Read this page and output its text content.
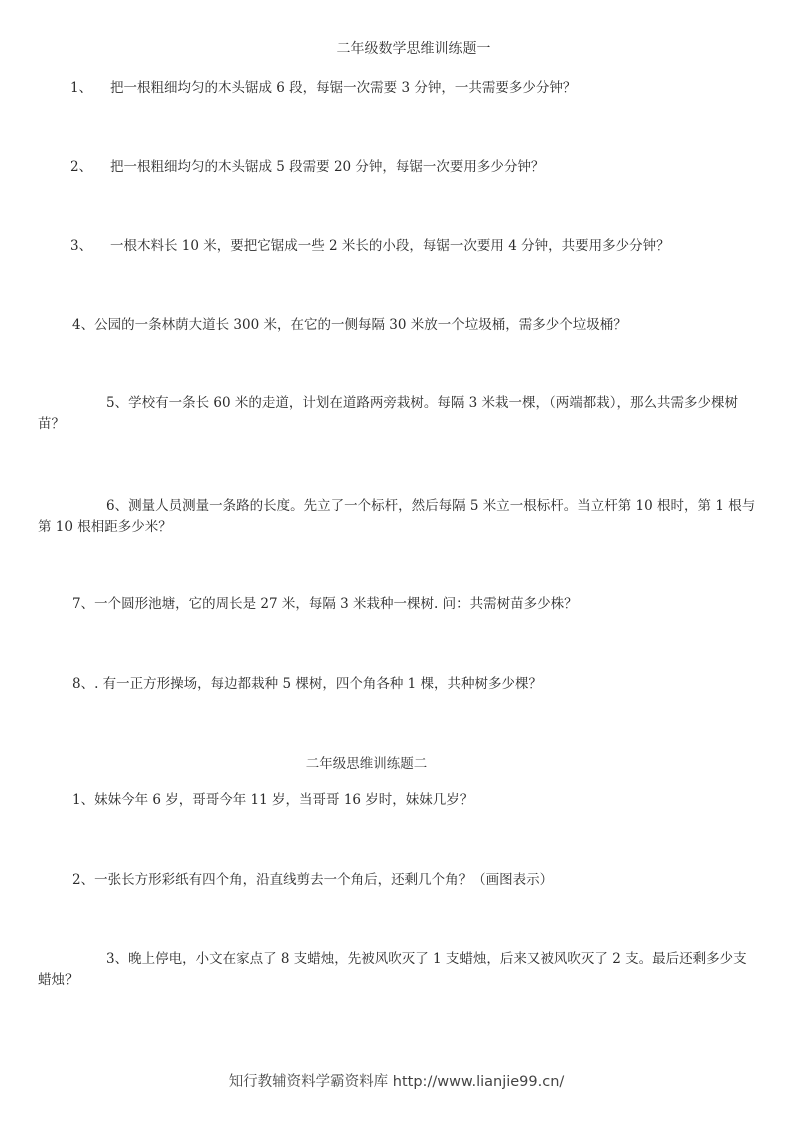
二年级数学思维训练题一
1、 把一根粗细均匀的木头锯成 6 段，每锯一次需要 3 分钟，一共需要多少分钟？
2、 把一根粗细均匀的木头锯成 5 段需要 20 分钟，每锯一次要用多少分钟？
3、 一根木料长 10 米，要把它锯成一些 2 米长的小段，每锯一次要用 4 分钟，共要用多少分钟？
4、公园的一条林荫大道长 300 米，在它的一侧每隔 30 米放一个垃圾桶，需多少个垃圾桶？
5、学校有一条长 60 米的走道，计划在道路两旁栽树。每隔 3 米栽一棵，（两端都栽），那么共需多少棵树苗？
6、测量人员测量一条路的长度。先立了一个标杆，然后每隔 5 米立一根标杆。当立杆第 10 根时，第 1 根与第 10 根相距多少米？
7、一个圆形池塘，它的周长是 27 米，每隔 3 米栽种一棵树. 问：共需树苗多少株？
8、. 有一正方形操场，每边都栽种 5 棵树，四个角各种 1 棵，共种树多少棵？
二年级思维训练题二
1、妹妹今年 6 岁，哥哥今年 11 岁，当哥哥 16 岁时，妹妹几岁？
2、一张长方形彩纸有四个角，沿直线剪去一个角后，还剩几个角？（画图表示）
3、晚上停电，小文在家点了 8 支蜡烛，先被风吹灭了 1 支蜡烛，后来又被风吹灭了 2 支。最后还剩多少支蜡烛？
知行教辅资料学霸资料库 http://www.lianjie99.cn/
